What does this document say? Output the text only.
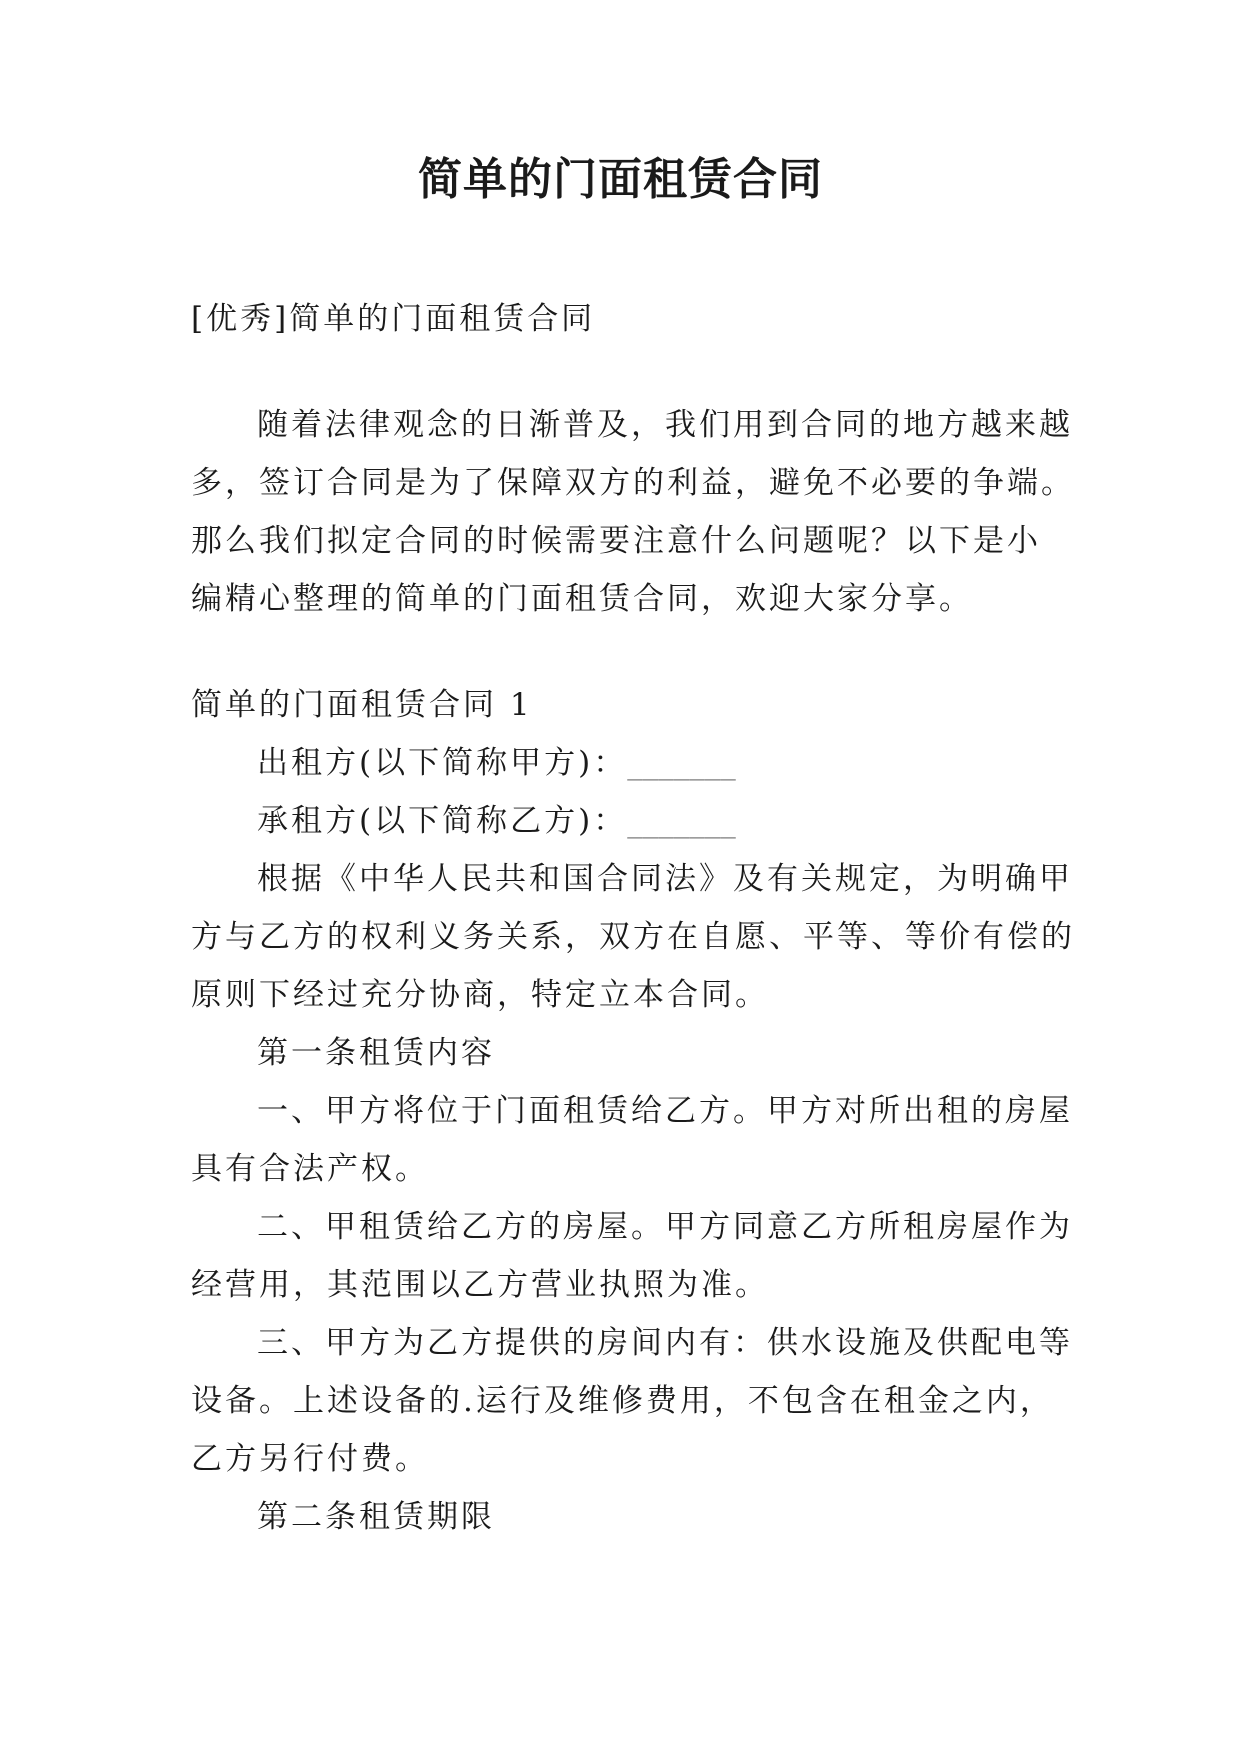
简单的门面租赁合同

[优秀]简单的门面租赁合同

随着法律观念的日渐普及，我们用到合同的地方越来越

多，签订合同是为了保障双方的利益，避免不必要的争端。

那么我们拟定合同的时候需要注意什么问题呢？以下是小

编精心整理的简单的门面租赁合同，欢迎大家分享。

简单的门面租赁合同 1

出租方(以下简称甲方)：_______

承租方(以下简称乙方)：_______

根据《中华人民共和国合同法》及有关规定，为明确甲

方与乙方的权利义务关系，双方在自愿、平等、等价有偿的

原则下经过充分协商，特定立本合同。

第一条租赁内容

一、甲方将位于门面租赁给乙方。甲方对所出租的房屋

具有合法产权。

二、甲租赁给乙方的房屋。甲方同意乙方所租房屋作为

经营用，其范围以乙方营业执照为准。

三、甲方为乙方提供的房间内有：供水设施及供配电等

设备。上述设备的.运行及维修费用，不包含在租金之内，

乙方另行付费。

第二条租赁期限
